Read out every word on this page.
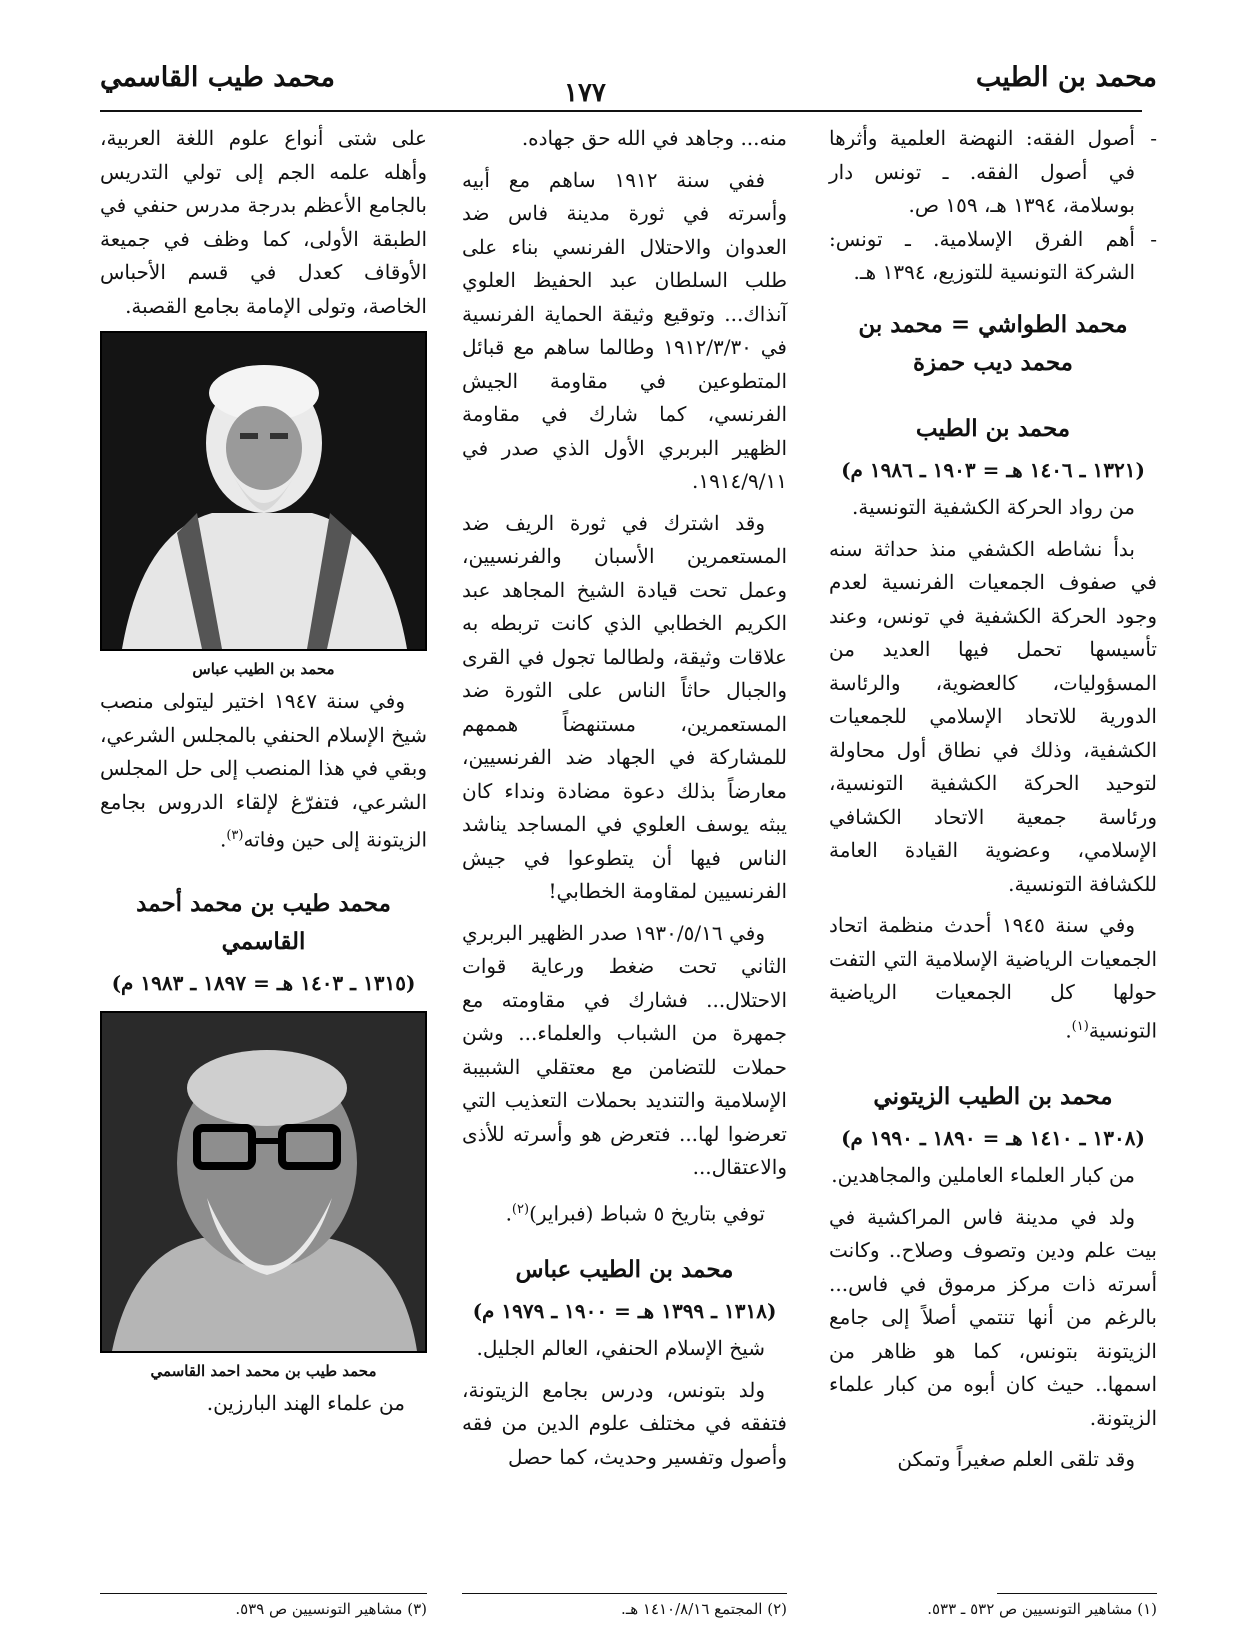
محمد بن الطيب
١٧٧
محمد طيب القاسمي
- أصول الفقه: النهضة العلمية وأثرها في أصول الفقه. ـ تونس دار بوسلامة، ١٣٩٤ هـ، ١٥٩ ص.
- أهم الفرق الإسلامية. ـ تونس: الشركة التونسية للتوزيع، ١٣٩٤ هـ.
محمد الطواشي = محمد بن محمد ديب حمزة
محمد بن الطيب
(١٣٢١ ـ ١٤٠٦ هـ = ١٩٠٣ ـ ١٩٨٦ م)

من رواد الحركة الكشفية التونسية.

بدأ نشاطه الكشفي منذ حداثة سنه في صفوف الجمعيات الفرنسية لعدم وجود الحركة الكشفية في تونس، وعند تأسيسها تحمل فيها العديد من المسؤوليات، كالعضوية، والرئاسة الدورية للاتحاد الإسلامي للجمعيات الكشفية، وذلك في نطاق أول محاولة لتوحيد الحركة الكشفية التونسية، ورئاسة جمعية الاتحاد الكشافي الإسلامي، وعضوية القيادة العامة للكشافة التونسية.

وفي سنة ١٩٤٥ أحدث منظمة اتحاد الجمعيات الرياضية الإسلامية التي التفت حولها كل الجمعيات الرياضية التونسية$^{(١)}$.

محمد بن الطيب الزيتوني
(١٣٠٨ ـ ١٤١٠ هـ = ١٨٩٠ ـ ١٩٩٠ م)

من كبار العلماء العاملين والمجاهدين.

ولد في مدينة فاس المراكشية في بيت علم ودين وتصوف وصلاح.. وكانت أسرته ذات مركز مرموق في فاس... بالرغم من أنها تنتمي أصلاً إلى جامع الزيتونة بتونس، كما هو ظاهر من اسمها.. حيث كان أبوه من كبار علماء الزيتونة.

وقد تلقى العلم صغيراً وتمكن

منه... وجاهد في الله حق جهاده.

ففي سنة ١٩١٢ ساهم مع أبيه وأسرته في ثورة مدينة فاس ضد العدوان والاحتلال الفرنسي بناء على طلب السلطان عبد الحفيظ العلوي آنذاك... وتوقيع وثيقة الحماية الفرنسية في ١٩١٢/٣/٣٠ وطالما ساهم مع قبائل المتطوعين في مقاومة الجيش الفرنسي، كما شارك في مقاومة الظهير البربري الأول الذي صدر في ١٩١٤/٩/١١.

وقد اشترك في ثورة الريف ضد المستعمرين الأسبان والفرنسيين، وعمل تحت قيادة الشيخ المجاهد عبد الكريم الخطابي الذي كانت تربطه به علاقات وثيقة، ولطالما تجول في القرى والجبال حاثاً الناس على الثورة ضد المستعمرين، مستنهضاً هممهم للمشاركة في الجهاد ضد الفرنسيين، معارضاً بذلك دعوة مضادة ونداء كان يبثه يوسف العلوي في المساجد يناشد الناس فيها أن يتطوعوا في جيش الفرنسيين لمقاومة الخطابي!

وفي ١٩٣٠/٥/١٦ صدر الظهير البربري الثاني تحت ضغط ورعاية قوات الاحتلال... فشارك في مقاومته مع جمهرة من الشباب والعلماء... وشن حملات للتضامن مع معتقلي الشبيبة الإسلامية والتنديد بحملات التعذيب التي تعرضوا لها... فتعرض هو وأسرته للأذى والاعتقال...

توفي بتاريخ ٥ شباط (فبراير)$^{(٢)}$.

محمد بن الطيب عباس
(١٣١٨ ـ ١٣٩٩ هـ = ١٩٠٠ ـ ١٩٧٩ م)

شيخ الإسلام الحنفي، العالم الجليل.

ولد بتونس، ودرس بجامع الزيتونة، فتفقه في مختلف علوم الدين من فقه وأصول وتفسير وحديث، كما حصل

على شتى أنواع علوم اللغة العربية، وأهله علمه الجم إلى تولي التدريس بالجامع الأعظم بدرجة مدرس حنفي في الطبقة الأولى، كما وظف في جميعة الأوقاف كعدل في قسم الأحباس الخاصة، وتولى الإمامة بجامع القصبة.

محمد بن الطيب عباس

وفي سنة ١٩٤٧ اختير ليتولى منصب شيخ الإسلام الحنفي بالمجلس الشرعي، وبقي في هذا المنصب إلى حل المجلس الشرعي، فتفرّغ لإلقاء الدروس بجامع الزيتونة إلى حين وفاته$^{(٣)}$.

محمد طيب بن محمد أحمد القاسمي
(١٣١٥ ـ ١٤٠٣ هـ = ١٨٩٧ ـ ١٩٨٣ م)
محمد طيب بن محمد احمد القاسمي

من علماء الهند البارزين.

(١) مشاهير التونسيين ص ٥٣٢ ـ ٥٣٣.
(٢) المجتمع ١٤١٠/٨/١٦ هـ.
(٣) مشاهير التونسيين ص ٥٣٩.
